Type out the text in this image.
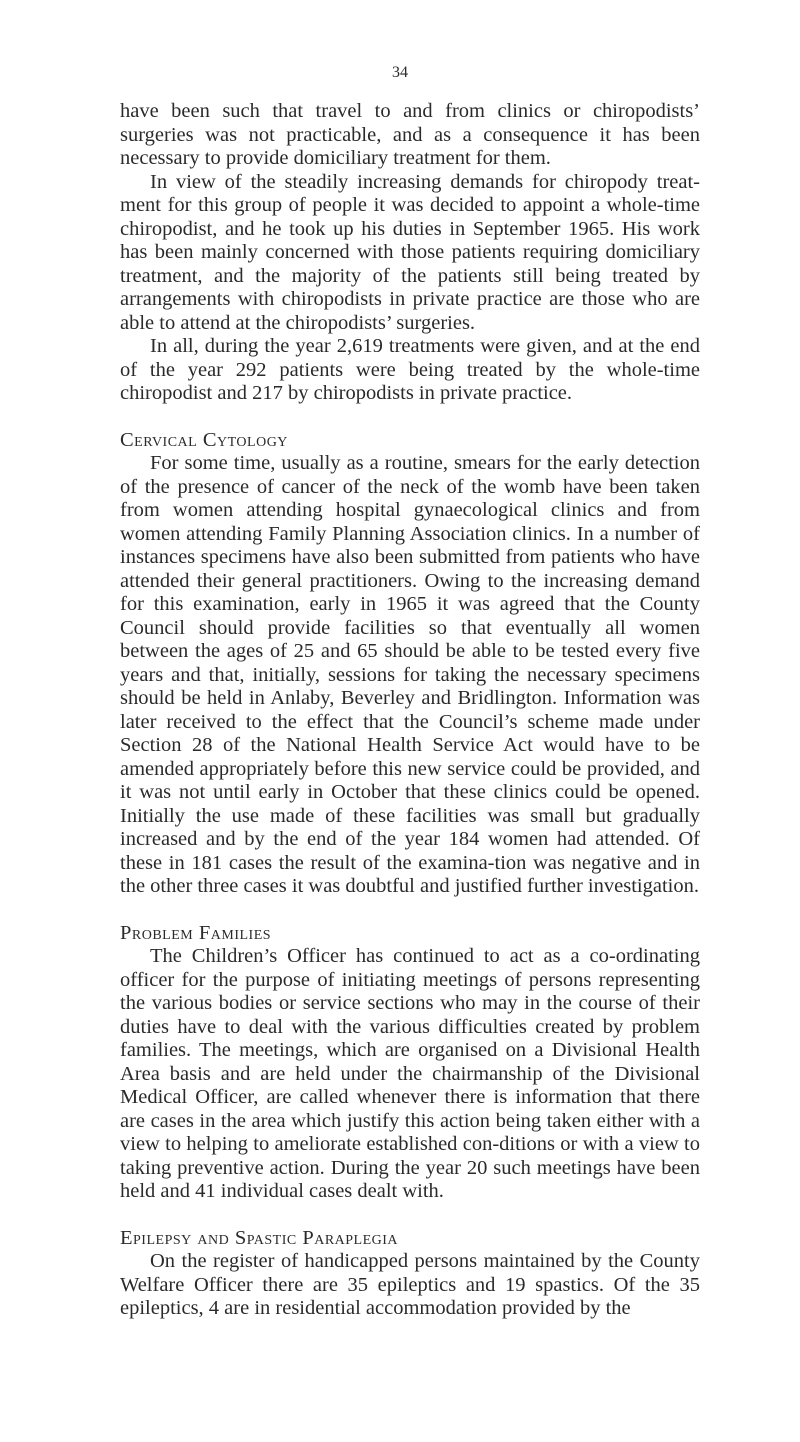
34

have been such that travel to and from clinics or chiropodists’ surgeries was not practicable, and as a consequence it has been necessary to provide domiciliary treatment for them.

In view of the steadily increasing demands for chiropody treat-ment for this group of people it was decided to appoint a whole-time chiropodist, and he took up his duties in September 1965. His work has been mainly concerned with those patients requiring domiciliary treatment, and the majority of the patients still being treated by arrangements with chiropodists in private practice are those who are able to attend at the chiropodists’ surgeries.

In all, during the year 2,619 treatments were given, and at the end of the year 292 patients were being treated by the whole-time chiropodist and 217 by chiropodists in private practice.

Cervical Cytology

For some time, usually as a routine, smears for the early detection of the presence of cancer of the neck of the womb have been taken from women attending hospital gynaecological clinics and from women attending Family Planning Association clinics. In a number of instances specimens have also been submitted from patients who have attended their general practitioners. Owing to the increasing demand for this examination, early in 1965 it was agreed that the County Council should provide facilities so that eventually all women between the ages of 25 and 65 should be able to be tested every five years and that, initially, sessions for taking the necessary specimens should be held in Anlaby, Beverley and Bridlington. Information was later received to the effect that the Council’s scheme made under Section 28 of the National Health Service Act would have to be amended appropriately before this new service could be provided, and it was not until early in October that these clinics could be opened. Initially the use made of these facilities was small but gradually increased and by the end of the year 184 women had attended. Of these in 181 cases the result of the examina-tion was negative and in the other three cases it was doubtful and justified further investigation.

Problem Families

The Children’s Officer has continued to act as a co-ordinating officer for the purpose of initiating meetings of persons representing the various bodies or service sections who may in the course of their duties have to deal with the various difficulties created by problem families. The meetings, which are organised on a Divisional Health Area basis and are held under the chairmanship of the Divisional Medical Officer, are called whenever there is information that there are cases in the area which justify this action being taken either with a view to helping to ameliorate established con-ditions or with a view to taking preventive action. During the year 20 such meetings have been held and 41 individual cases dealt with.

Epilepsy and Spastic Paraplegia

On the register of handicapped persons maintained by the County Welfare Officer there are 35 epileptics and 19 spastics. Of the 35 epileptics, 4 are in residential accommodation provided by the
